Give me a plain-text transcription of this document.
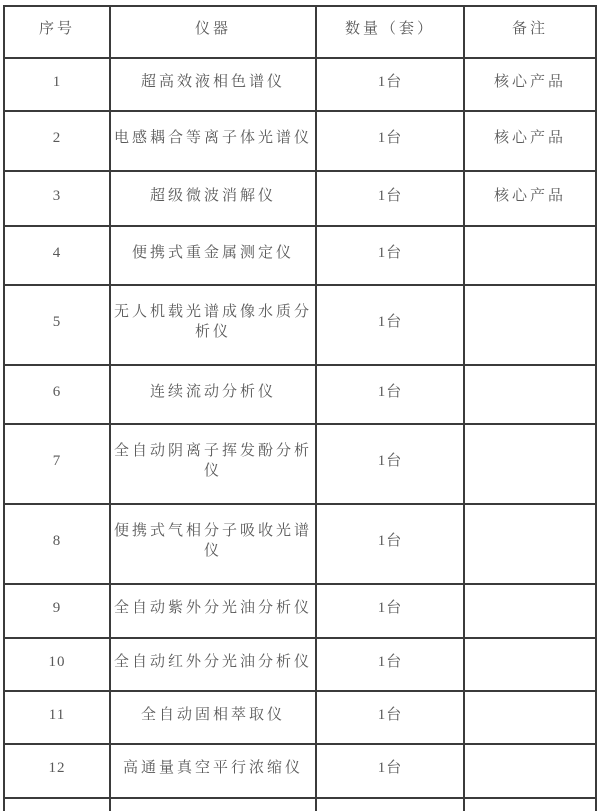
序号	仪器	数量（套）	备注
1	超高效液相色谱仪	1台	核心产品
2	电感耦合等离子体光谱仪	1台	核心产品
3	超级微波消解仪	1台	核心产品
4	便携式重金属测定仪	1台	
5	无人机载光谱成像水质分析仪	1台	
6	连续流动分析仪	1台	
7	全自动阴离子挥发酚分析仪	1台	
8	便携式气相分子吸收光谱仪	1台	
9	全自动紫外分光油分析仪	1台	
10	全自动红外分光油分析仪	1台	
11	全自动固相萃取仪	1台	
12	高通量真空平行浓缩仪	1台	
